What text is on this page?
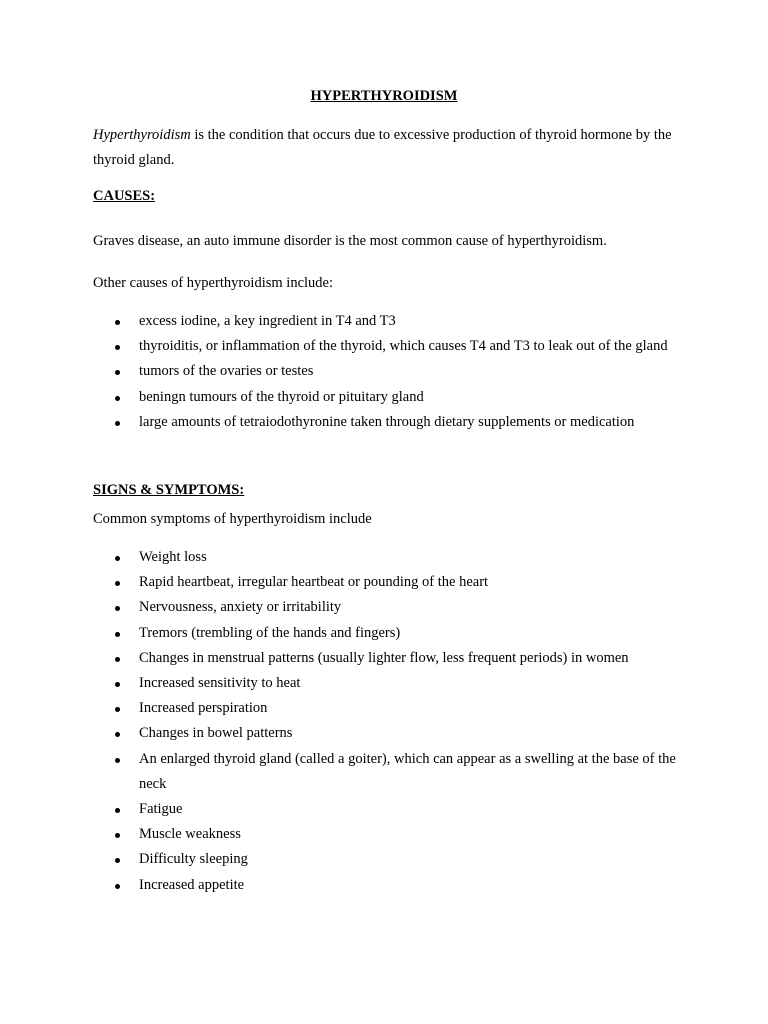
HYPERTHYROIDISM

Hyperthyroidism is the condition that occurs due to excessive production of thyroid hormone by the thyroid gland.

CAUSES:

Graves disease, an auto immune disorder is the most common cause of hyperthyroidism.

Other causes of hyperthyroidism include:

excess iodine, a key ingredient in T4 and T3
thyroiditis, or inflammation of the thyroid, which causes T4 and T3 to leak out of the gland
tumors of the ovaries or testes
beningn tumours of the thyroid or pituitary gland
large amounts of tetraiodothyronine taken through dietary supplements or medication
SIGNS & SYMPTOMS:

Common symptoms of hyperthyroidism include

Weight loss
Rapid heartbeat, irregular heartbeat or pounding of the heart
Nervousness, anxiety or irritability
Tremors (trembling of the hands and fingers)
Changes in menstrual patterns (usually lighter flow, less frequent periods) in women
Increased sensitivity to heat
Increased perspiration
Changes in bowel patterns
An enlarged thyroid gland (called a goiter), which can appear as a swelling at the base of the neck
Fatigue
Muscle weakness
Difficulty sleeping
Increased appetite
